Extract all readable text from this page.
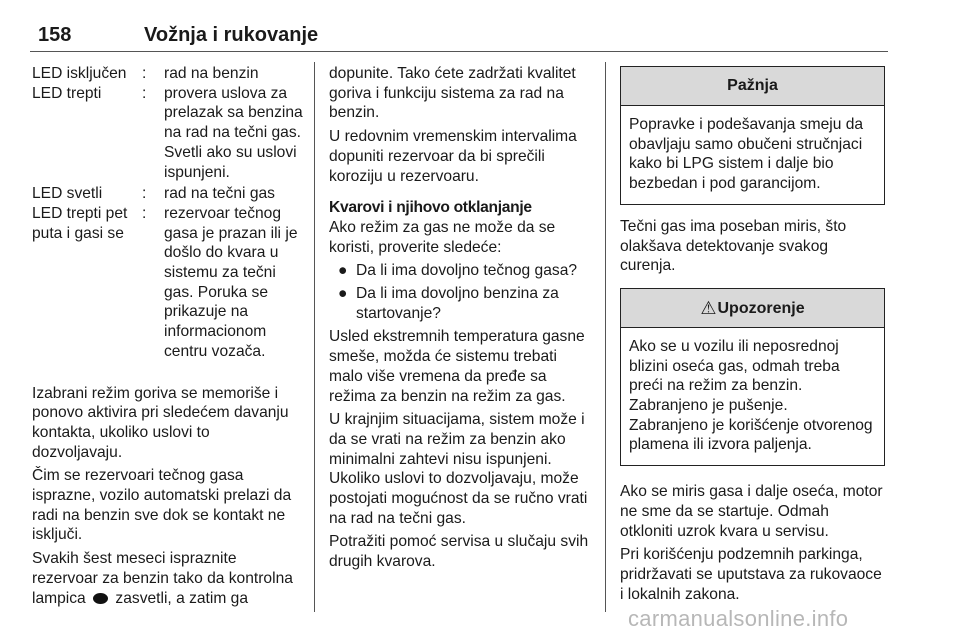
158	Vožnja i rukovanje
LED isključen	:	rad na benzin
LED trepti	:	provera uslova za prelazak sa benzina na rad na tečni gas. Svetli ako su uslovi ispunjeni.
LED svetli	:	rad na tečni gas
LED trepti pet puta i gasi se	:	rezervoar tečnog gasa je prazan ili je došlo do kvara u sistemu za tečni gas. Poruka se prikazuje na informacionom centru vozača.

Izabrani režim goriva se memoriše i ponovo aktivira pri sledećem davanju kontakta, ukoliko uslovi to dozvoljavaju.

Čim se rezervoari tečnog gasa isprazne, vozilo automatski prelazi da radi na benzin sve dok se kontakt ne isključi.

Svakih šest meseci ispraznite rezervoar za benzin tako da kontrolna lampica zasvetli, a zatim ga

dopunite. Tako ćete zadržati kvalitet goriva i funkciju sistema za rad na benzin.

U redovnim vremenskim intervalima dopuniti rezervoar da bi sprečili koroziju u rezervoaru.

Kvarovi i njihovo otklanjanje

Ako režim za gas ne može da se koristi, proverite sledeće:

● Da li ima dovoljno tečnog gasa?
● Da li ima dovoljno benzina za startovanje?

Usled ekstremnih temperatura gasne smeše, možda će sistemu trebati malo više vremena da pređe sa režima za benzin na režim za gas.

U krajnjim situacijama, sistem može i da se vrati na režim za benzin ako minimalni zahtevi nisu ispunjeni. Ukoliko uslovi to dozvoljavaju, može postojati mogućnost da se ručno vrati na rad na tečni gas.

Potražiti pomoć servisa u slučaju svih drugih kvarova.

Pažnja
Popravke i podešavanja smeju da obavljaju samo obučeni stručnjaci kako bi LPG sistem i dalje bio bezbedan i pod garancijom.

Tečni gas ima poseban miris, što olakšava detektovanje svakog curenja.

⚠Upozorenje
Ako se u vozilu ili neposrednoj blizini oseća gas, odmah treba preći na režim za benzin.
Zabranjeno je pušenje.
Zabranjeno je korišćenje otvorenog plamena ili izvora paljenja.

Ako se miris gasa i dalje oseća, motor ne sme da se startuje. Odmah otkloniti uzrok kvara u servisu.

Pri korišćenju podzemnih parkinga, pridržavati se uputstava za rukovaoce i lokalnih zakona.

carmanualsonline.info
